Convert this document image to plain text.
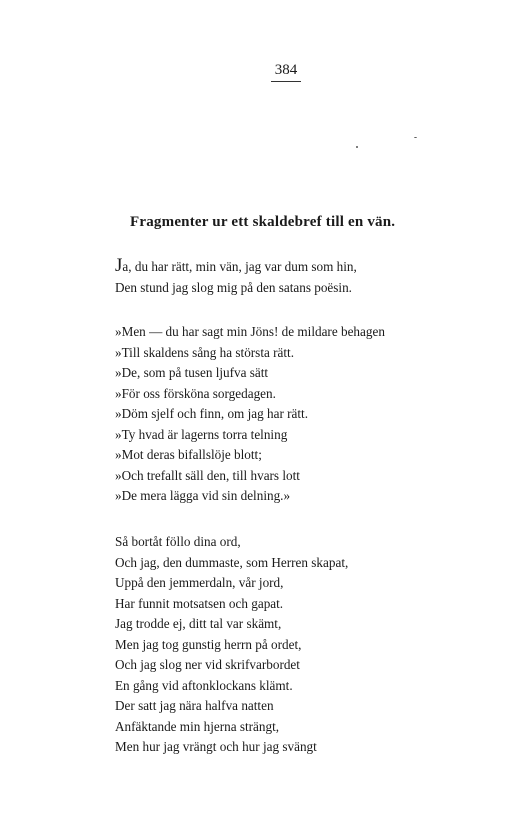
384
Fragmenter ur ett skaldebref till en vän.
Ja, du har rätt, min vän, jag var dum som hin,
Den stund jag slog mig på den satans poësin.
»Men — du har sagt min Jöns! de mildare behagen
»Till skaldens sång ha största rätt.
»De, som på tusen ljufva sätt
»För oss försköna sorgedagen.
»Döm sjelf och finn, om jag har rätt.
»Ty hvad är lagerns torra telning
»Mot deras bifallslöje blott;
»Och trefallt säll den, till hvars lott
»De mera lägga vid sin delning.»
Så bortåt föllo dina ord,
Och jag, den dummaste, som Herren skapat,
Uppå den jemmerdaln, vår jord,
Har funnit motsatsen och gapat.
Jag trodde ej, ditt tal var skämt,
Men jag tog gunstig herrn på ordet,
Och jag slog ner vid skrifvarbordet
En gång vid aftonklockans klämt.
Der satt jag nära halfva natten
Anfäktande min hjerna strängt,
Men hur jag vrängt och hur jag svängt
